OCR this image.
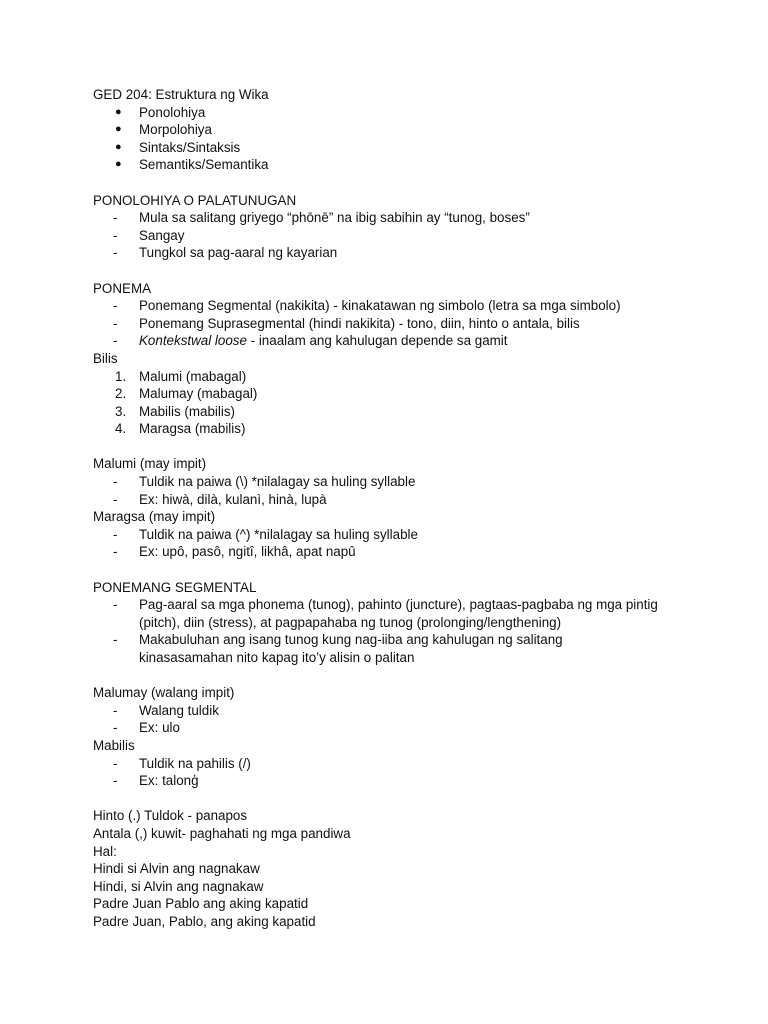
GED 204: Estruktura ng Wika
●	Ponolohiya
●	Morpolohiya
●	Sintaks/Sintaksis
●	Semantiks/Semantika
PONOLOHIYA O PALATUNUGAN
-	Mula sa salitang griyego “phōnē” na ibig sabihin ay “tunog, boses”
-	Sangay
-	Tungkol sa pag-aaral ng kayarian
PONEMA
-	Ponemang Segmental (nakikita) - kinakatawan ng simbolo (letra sa mga simbolo)
-	Ponemang Suprasegmental (hindi nakikita) - tono, diin, hinto o antala, bilis
-	Kontekstwal loose - inaalam ang kahulugan depende sa gamit
Bilis
1. Malumi (mabagal)
2. Malumay (mabagal)
3. Mabilis (mabilis)
4. Maragsa (mabilis)
Malumi (may impit)
-	Tuldik na paiwa (\) *nilalagay sa huling syllable
-	Ex: hiwà, dilà, kulanì, hinà, lupà
Maragsa (may impit)
-	Tuldik na paiwa (^) *nilalagay sa huling syllable
-	Ex: upô, pasô, ngitî, likhâ, apat napû
PONEMANG SEGMENTAL
-	Pag-aaral sa mga phonema (tunog), pahinto (juncture), pagtaas-pagbaba ng mga pintig (pitch), diin (stress), at pagpapahaba ng tunog (prolonging/lengthening)
-	Makabuluhan ang isang tunog kung nag-iiba ang kahulugan ng salitang kinasasamahan nito kapag ito’y alisin o palitan
Malumay (walang impit)
-	Walang tuldik
-	Ex: ulo
Mabilis
-	Tuldik na pahilis (/)
-	Ex: talonģ
Hinto (.) Tuldok - panapos
Antala (,) kuwit- paghahati ng mga pandiwa
Hal:
Hindi si Alvin ang nagnakaw
Hindi, si Alvin ang nagnakaw
Padre Juan Pablo ang aking kapatid
Padre Juan, Pablo, ang aking kapatid
